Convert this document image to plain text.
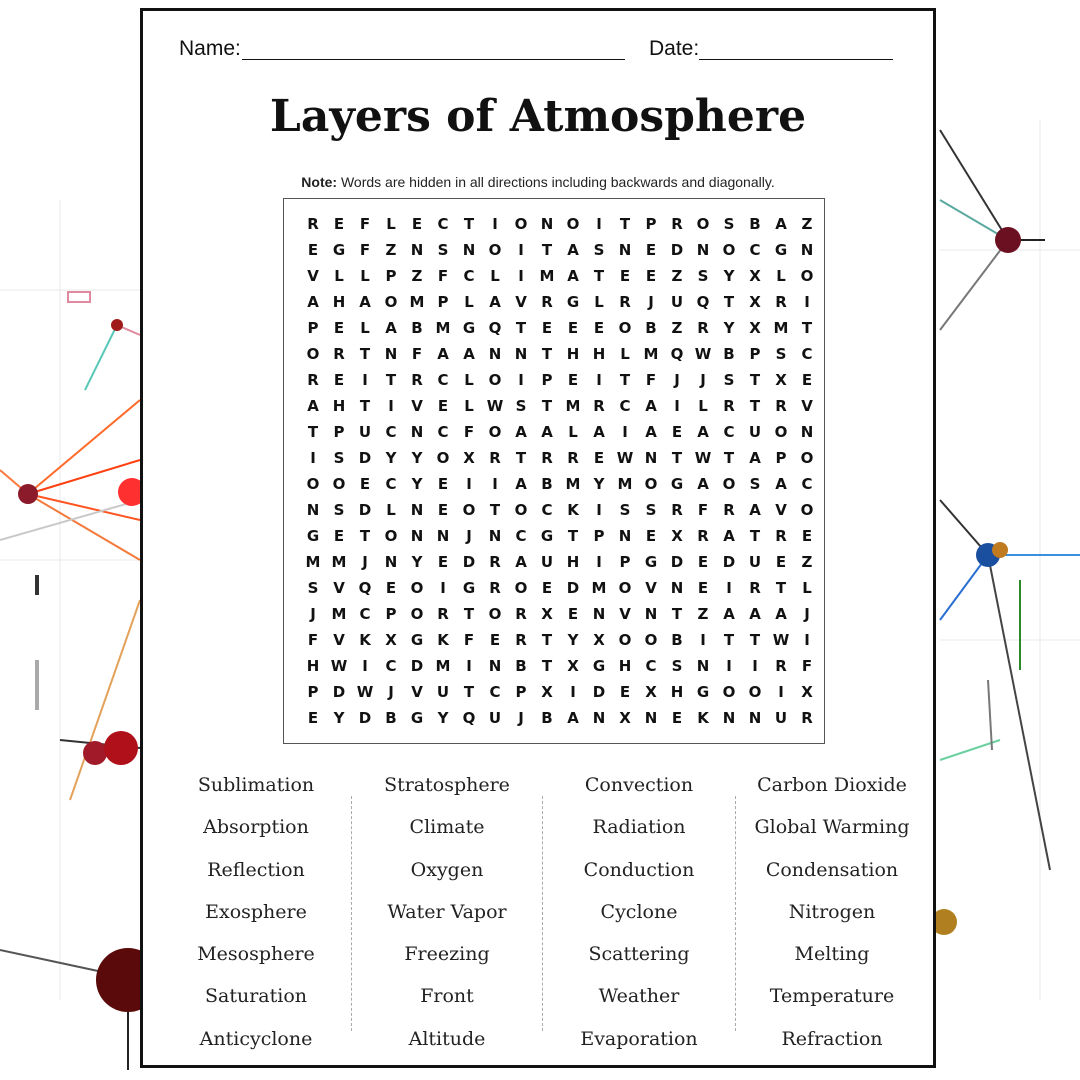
Name:	Date:
Layers of Atmosphere
Note: Words are hidden in all directions including backwards and diagonally.
R	E	F	L	E	C	T	I	O N O	I	T	P R O S B A Z
E G F	Z N S N O	I	T	A S N E D N O C G N
V	L	L	P	Z	F	C	L	I	M A	T	E	E	Z	S	Y X	L O
A H A O M P	L	A V R G	L	R	J	U Q T	X R	I
P	E	L	A B M G Q T	E	E	E O B Z R Y X M T
O R	T N F	A A N N T H H L M Q W B P	S	C
R	E	I	T	R C	L O	I	P	E	I	T	F	J	J	S	T	X	E
A H T	I	V	E	L W S	T M R C A	I	L	R	T	R V
T	P U C N C	F O A A	L	A	I	A	E	A C U O N
I	S D Y	Y O X R	T	R R	E W N T W T	A P O
O O E	C	Y	E	I	I	A B M Y M O G A O S A C
N S D	L N E O T O C K	I	S	S R	F	R A V O
G E	T O N N	J	N C G T	P N E	X R A	T	R	E
M M	J	N Y	E D R A U H	I	P G D E D U E	Z
S V Q E O	I	G R O E D M O V N E	I	R	T	L
J	M C	P O R	T O R X	E N V N T	Z A A A	J
F	V K X G K	F	E	R	T	Y X O O B	I	T	T W I
H W I	C D M	I	N B	T	X G H C	S N	I	I	R	F
P D W J	V U T	C	P X	I	D E	X H G O O	I	X
E	Y D B G Y Q U	J	B A N X N E	K N N U R
Sublimation
Absorption
Reflection
Exosphere
Mesosphere
Saturation
Anticyclone
Stratosphere
Climate
Oxygen
Water Vapor
Freezing
Front
Altitude
Convection
Radiation
Conduction
Cyclone
Scattering
Weather
Evaporation
Carbon Dioxide
Global Warming
Condensation
Nitrogen
Melting
Temperature
Refraction
